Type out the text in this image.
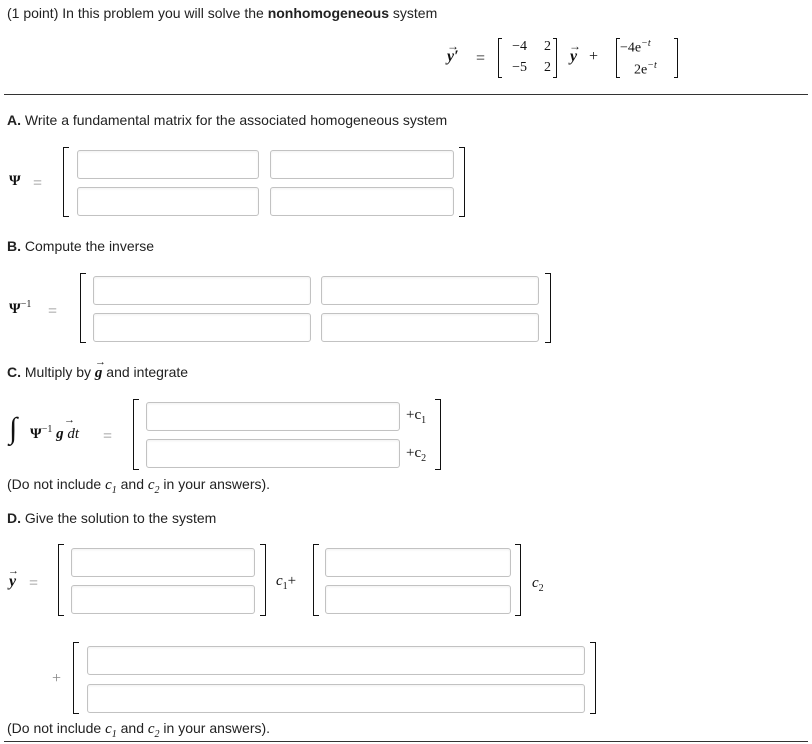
(1 point) In this problem you will solve the nonhomogeneous system
y′
→
=
−4	2
−5	2
y
→
+ $-4e^{-t}$
$2e^{-t}$
A. Write a fundamental matrix for the associated homogeneous system
Ψ =
B. Compute the inverse
$\Psi^{-1}$ =
C. Multiply by g and integrate
→
∫ $\Psi^{-1}$ g dt
→
=
$+c_1$
$+c_2$
(Do not include $c_1$ and $c_2$ in your answers).
D. Give the solution to the system
y
→
=	$c_1+$	$c_2$
+
(Do not include $c_1$ and $c_2$ in your answers).
